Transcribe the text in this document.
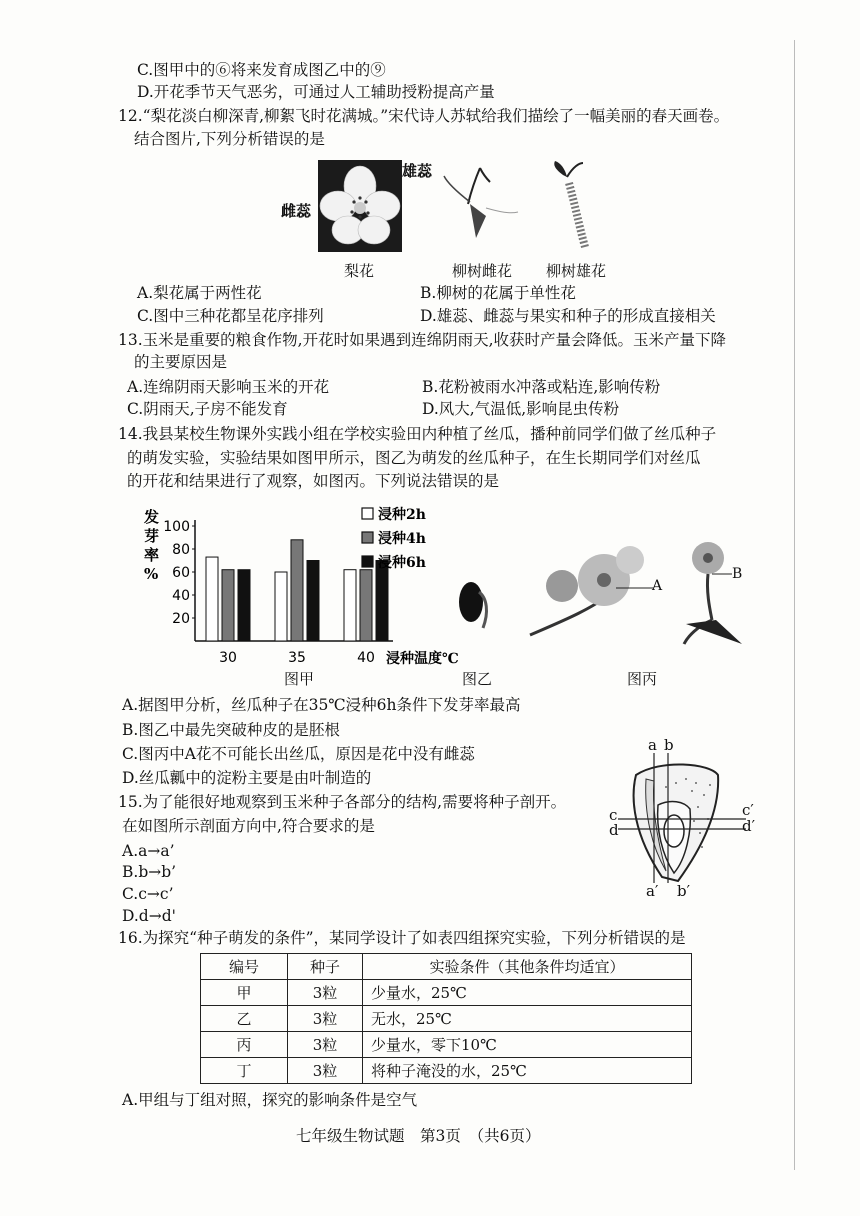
C.图甲中的⑥将来发育成图乙中的⑨
D.开花季节天气恶劣，可通过人工辅助授粉提高产量
12.“梨花淡白柳深青,柳絮飞时花满城。”宋代诗人苏轼给我们描绘了一幅美丽的春天画卷。
结合图片,下列分析错误的是
雄蕊
雌蕊
梨花	柳树雌花 柳树雄花
A.梨花属于两性花	B.柳树的花属于单性花
C.图中三种花都呈花序排列	D.雄蕊、雌蕊与果实和种子的形成直接相关
13.玉米是重要的粮食作物,开花时如果遇到连绵阴雨天,收获时产量会降低。玉米产量下降
的主要原因是
A.连绵阴雨天影响玉米的开花	B.花粉被雨水冲落或粘连,影响传粉
C.阴雨天,子房不能发育	D.风大,气温低,影响昆虫传粉
14.我县某校生物课外实践小组在学校实验田内种植了丝瓜，播种前同学们做了丝瓜种子
的萌发实验，实验结果如图甲所示，图乙为萌发的丝瓜种子，在生长期同学们对丝瓜
的开花和结果进行了观察，如图丙。下列说法错误的是
20
40
60
80
100
发芽率%
30	35	40 浸种温度℃
浸种2h
浸种4h
浸种6h
图甲	图乙
A
B
图丙
A.据图甲分析，丝瓜种子在35℃浸种6h条件下发芽率最高
B.图乙中最先突破种皮的是胚根
C.图丙中A花不可能长出丝瓜，原因是花中没有雌蕊
D.丝瓜瓤中的淀粉主要是由叶制造的
15.为了能很好地观察到玉米种子各部分的结构,需要将种子剖开。
在如图所示剖面方向中,符合要求的是
A.a→a’
B.b→b’
C.c→c’
D.d→d'
a b
c
d
c′
d′
a′ b′
16.为探究“种子萌发的条件”，某同学设计了如表四组探究实验，下列分析错误的是
编号	种子	实验条件（其他条件均适宜）
甲	3粒	少量水，25℃
乙	3粒	无水，25℃
丙	3粒	少量水，零下10℃
丁	3粒	将种子淹没的水，25℃
A.甲组与丁组对照，探究的影响条件是空气
七年级生物试题　第3页　（共6页）
